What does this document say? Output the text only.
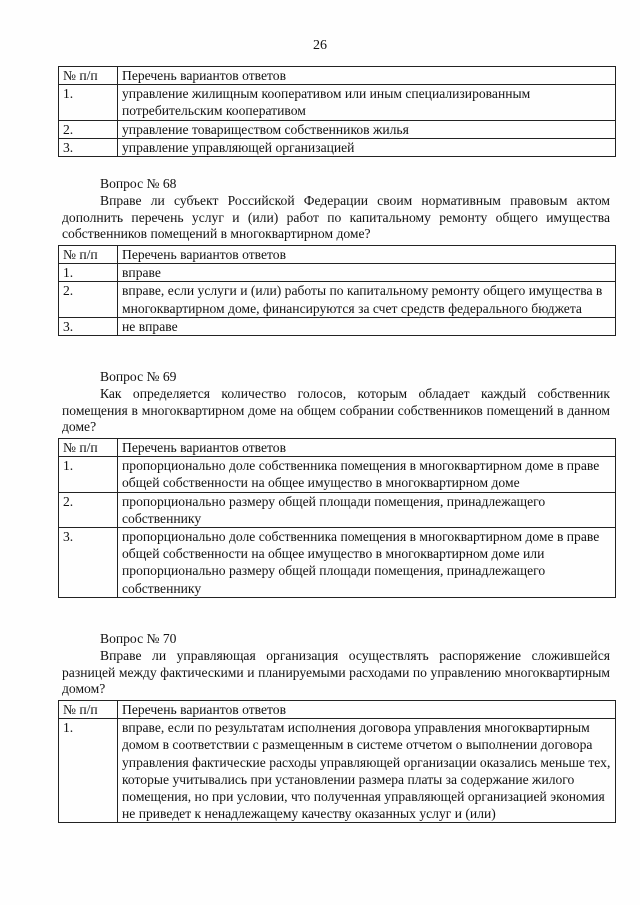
26
№ п/п	Перечень вариантов ответов
1.	управление жилищным кооперативом или иным специализированным потребительским кооперативом
2.	управление товариществом собственников жилья
3.	управление управляющей организацией
Вопрос № 68
Вправе ли субъект Российской Федерации своим нормативным правовым актом дополнить перечень услуг и (или) работ по капитальному ремонту общего имущества собственников помещений в многоквартирном доме?
№ п/п	Перечень вариантов ответов
1.	вправе
2.	вправе, если услуги и (или) работы по капитальному ремонту общего имущества в многоквартирном доме, финансируются за счет средств федерального бюджета
3.	не вправе
Вопрос № 69
Как определяется количество голосов, которым обладает каждый собственник помещения в многоквартирном доме на общем собрании собственников помещений в данном доме?
№ п/п	Перечень вариантов ответов
1.	пропорционально доле собственника помещения в многоквартирном доме в праве общей собственности на общее имущество в многоквартирном доме
2.	пропорционально размеру общей площади помещения, принадлежащего собственнику
3.	пропорционально доле собственника помещения в многоквартирном доме в праве общей собственности на общее имущество в многоквартирном доме или пропорционально размеру общей площади помещения, принадлежащего собственнику
Вопрос № 70
Вправе ли управляющая организация осуществлять распоряжение сложившейся разницей между фактическими и планируемыми расходами по управлению многоквартирным домом?
№ п/п	Перечень вариантов ответов
1.	вправе, если по результатам исполнения договора управления многоквартирным домом в соответствии с размещенным в системе отчетом о выполнении договора управления фактические расходы управляющей организации оказались меньше тех, которые учитывались при установлении размера платы за содержание жилого помещения, но при условии, что полученная управляющей организацией экономия не приведет к ненадлежащему качеству оказанных услуг и (или)
